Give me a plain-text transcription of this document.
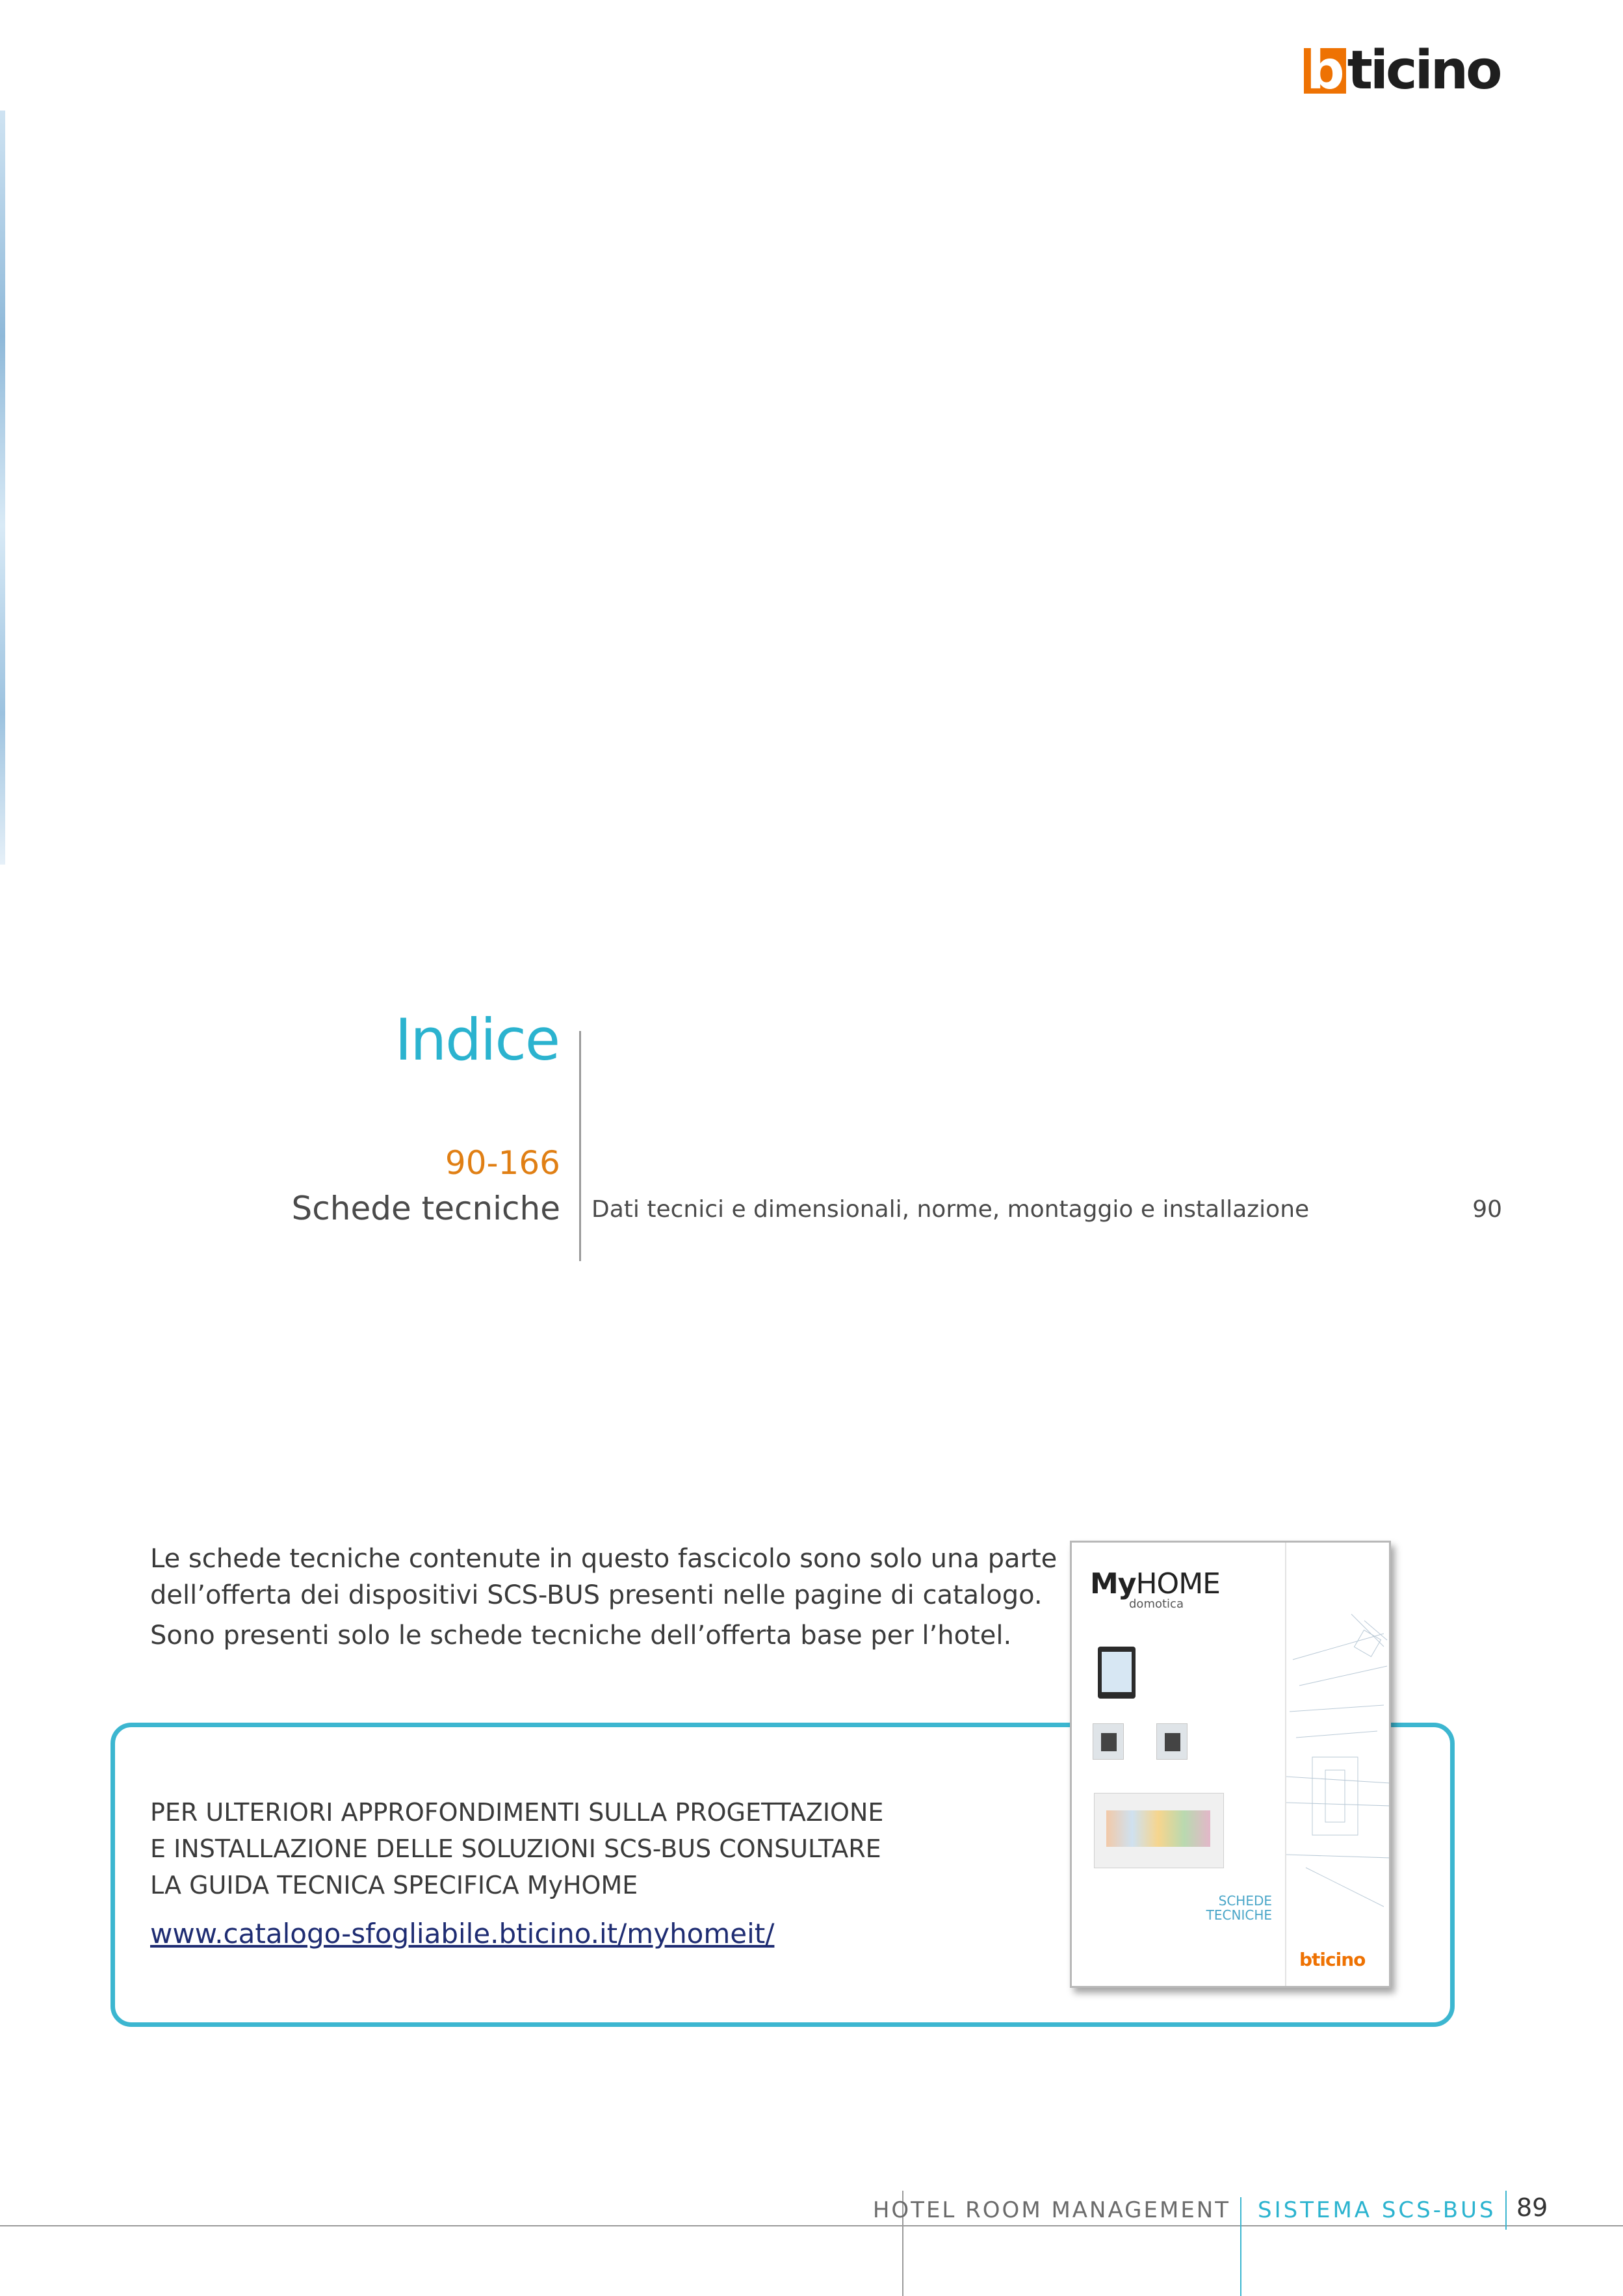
b ticino
Indice
90-166
Schede tecniche Dati tecnici e dimensionali, norme, montaggio e installazione	90

Le schede tecniche contenute in questo fascicolo sono solo una parte dell’offerta dei dispositivi SCS-BUS presenti nelle pagine di catalogo.

Sono presenti solo le schede tecniche dell’offerta base per l’hotel.

PER ULTERIORI APPROFONDIMENTI SULLA PROGETTAZIONE
E INSTALLAZIONE DELLE SOLUZIONI SCS-BUS CONSULTARE
LA GUIDA TECNICA SPECIFICA MyHOME
www.catalogo-sfogliabile.bticino.it/myhomeit/
MyHOME
domotica
SCHEDE
TECNICHE
bticino
HOTEL ROOM MANAGEMENT SISTEMA SCS-BUS 89
